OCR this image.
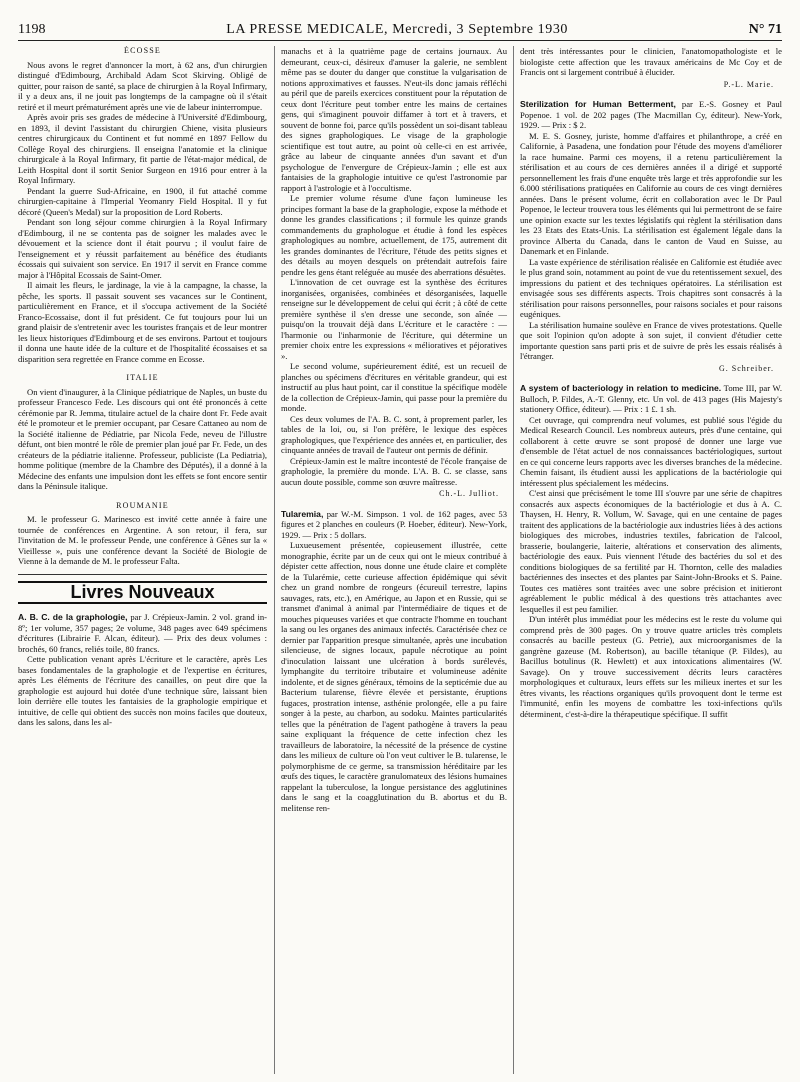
1198	LA PRESSE MEDICALE, Mercredi, 3 Septembre 1930	N° 71
ÉCOSSE

Nous avons le regret d'annoncer la mort, à 62 ans, d'un chirurgien distingué d'Edimbourg, Archibald Adam Scot Skirving. Obligé de quitter, pour raison de santé, sa place de chirurgien à la Royal Infirmary, il y a deux ans, il ne jouit pas longtemps de la campagne où il s'était retiré et il meurt prématurément après une vie de labeur ininterrompue.

Après avoir pris ses grades de médecine à l'Université d'Edimbourg, en 1893, il devint l'assistant du chirurgien Chiene, visita plusieurs centres chirurgicaux du Continent et fut nommé en 1897 Fellow du Collège Royal des chirurgiens. Il enseigna l'anatomie et la clinique chirurgicale à la Royal Infirmary, fit partie de l'état-major médical, de Leith Hospital dont il sortit Senior Surgeon en 1916 pour entrer à la Royal Infirmary.

Pendant la guerre Sud-Africaine, en 1900, il fut attaché comme chirurgien-capitaine à l'Imperial Yeomanry Field Hospital. Il y fut décoré (Queen's Medal) sur la proposition de Lord Roberts.

Pendant son long séjour comme chirurgien à la Royal Infirmary d'Edimbourg, il ne se contenta pas de soigner les malades avec le dévouement et la science dont il était pourvu ; il voulut faire de l'enseignement et y réussit parfaitement au bénéfice des étudiants écossais qui suivaient son service. En 1917 il servit en France comme major à l'Hôpital Ecossais de Saint-Omer.

Il aimait les fleurs, le jardinage, la vie à la campagne, la chasse, la pêche, les sports. Il passait souvent ses vacances sur le Continent, particulièrement en France, et il s'occupa activement de la Société Franco-Ecossaise, dont il fut président. Ce fut toujours pour lui un grand plaisir de s'entretenir avec les touristes français et de leur montrer les lieux historiques d'Edimbourg et de ses environs. Partout et toujours il donna une haute idée de la culture et de l'hospitalité écossaises et sa disparition sera regrettée en France comme en Ecosse.

ITALIE

On vient d'inaugurer, à la Clinique pédiatrique de Naples, un buste du professeur Francesco Fede. Les discours qui ont été prononcés à cette cérémonie par R. Jemma, titulaire actuel de la chaire dont Fr. Fede avait été le promoteur et le premier occupant, par Cesare Cattaneo au nom de la Société italienne de Pédiatrie, par Nicola Fede, neveu de l'illustre défunt, ont bien montré le rôle de premier plan joué par Fr. Fede, un des créateurs de la pédiatrie italienne. Professeur, publiciste (La Pediatria), homme politique (membre de la Chambre des Députés), il a donné à la Médecine des enfants une impulsion dont les effets se font encore sentir dans la Péninsule italique.

ROUMANIE

M. le professeur G. Marinesco est invité cette année à faire une tournée de conférences en Argentine. A son retour, il fera, sur l'invitation de M. le professeur Pende, une conférence à Gênes sur la « Vieillesse », puis une conférence devant la Société de Biologie de Vienne à la demande de M. le professeur Falta.

Livres Nouveaux

A. B. C. de la graphologie, par J. Crépieux-Jamin. 2 vol. grand in-8º; 1er volume, 357 pages; 2e volume, 348 pages avec 649 spécimens d'écritures (Librairie F. Alcan, éditeur). — Prix des deux volumes : brochés, 60 francs, reliés toile, 80 francs.

Cette publication venant après L'écriture et le caractère, après Les bases fondamentales de la graphologie et de l'expertise en écritures, après Les éléments de l'écriture des canailles, on peut dire que la graphologie est aujourd hui dotée d'une technique sûre, laissant bien loin derrière elle toutes les fantaisies de la graphologie empirique et intuitive, de celle qui obtient des succès non moins faciles que douteux, dans les salons, dans les al-

manachs et à la quatrième page de certains journaux. Au demeurant, ceux-ci, désireux d'amuser la galerie, ne semblent même pas se douter du danger que constitue la vulgarisation de notions approximatives et fausses. N'eut-ils donc jamais réfléchi au péril que de pareils exercices constituent pour la réputation de ceux dont l'écriture peut tomber entre les mains de certaines gens, qui s'imaginent pouvoir diffamer à tort et à travers, et souvent de bonne foi, parce qu'ils possèdent un soi-disant tableau des signes graphologiques. Le visage de la graphologie scientifique est tout autre, au point où celle-ci en est arrivée, grâce au labeur de cinquante années d'un savant et d'un psychologue de l'envergure de Crépieux-Jamin ; elle est aux fantaisies de la graphologie intuitive ce qu'est l'astronomie par rapport à l'astrologie et à l'occultisme.

Le premier volume résume d'une façon lumineuse les principes formant la base de la graphologie, expose la méthode et donne les grandes classifications ; il formule les quinze grands commandements du graphologue et étudie à fond les espèces graphologiques au nombre, actuellement, de 175, autrement dit les grandes dominantes de l'écriture, l'étude des petits signes et des détails au moyen desquels on prétendait autrefois faire pendre les gens étant reléguée au musée des aberrations désuètes.

L'innovation de cet ouvrage est la synthèse des écritures inorganisées, organisées, combinées et désorganisées, laquelle renseigne sur le développement de celui qui écrit ; à côté de cette première synthèse il s'en dresse une seconde, son aînée — puisqu'on la trouvait déjà dans L'écriture et le caractère : — l'harmonie ou l'inharmonie de l'écriture, qui détermine un premier choix entre les expressions « mélioratives et péjoratives ».

Le second volume, supérieurement édité, est un recueil de planches ou spécimens d'écritures en véritable grandeur, qui est instructif au plus haut point, car il constitue la spécifique modèle de la collection de Crépieux-Jamin, qui passe pour la première du monde.

Ces deux volumes de l'A. B. C. sont, à proprement parler, les tables de la loi, ou, si l'on préfère, le lexique des espèces graphologiques, que l'expérience des années et, en particulier, des cinquante années de travail de l'auteur ont permis de définir.

Crépieux-Jamin est le maître incontesté de l'école française de graphologie, la première du monde. L'A. B. C. se classe, sans aucun doute possible, comme son œuvre maîtresse.

Ch.-L. Julliot.

Tularemia, par W.-M. Simpson. 1 vol. de 162 pages, avec 53 figures et 2 planches en couleurs (P. Hoeber, éditeur). New-York, 1929. — Prix : 5 dollars.

Luxueusement présentée, copieusement illustrée, cette monographie, écrite par un de ceux qui ont le mieux contribué à dépister cette affection, nous donne une étude claire et complète de la Tularémie, cette curieuse affection épidémique qui sévit chez un grand nombre de rongeurs (écureuil terrestre, lapins sauvages, rats, etc.), en Amérique, au Japon et en Russie, qui se transmet d'animal à animal par l'intermédiaire de tiques et de mouches piqueuses variées et que contracte l'homme en touchant la sang ou les organes des animaux infectés. Caractérisée chez ce dernier par l'apparition presque simultanée, après une incubation silencieuse, de signes locaux, papule nécrotique au point d'inoculation laissant une ulcération à bords surélevés, lymphangite du territoire tributaire et volumineuse adénite indolente, et de signes généraux, témoins de la septicémie due au Bacterium tularense, fièvre élevée et persistante, éruptions fugaces, prostration intense, asthénie prolongée, elle a pu faire songer à la peste, au charbon, au sodoku. Maintes particularités telles que la pénétration de l'agent pathogène à travers la peau saine expliquant la fréquence de cette infection chez les travailleurs de laboratoire, la nécessité de la présence de cystine dans les milieux de culture où l'on veut cultiver le B. tularense, le polymorphisme de ce germe, sa transmission héréditaire par les œufs des tiques, le caractère granulomateux des lésions humaines rappelant la tuberculose, la longue persistance des agglutinines dans le sang et la coagglutination du B. abortus et du B. melitense ren-

dent très intéressantes pour le clinicien, l'anatomopathologiste et le biologiste cette affection que les travaux américains de Mc Coy et de Francis ont si largement contribué à élucider.

P.-L. Marie.

Sterilization for Human Betterment, par E.-S. Gosney et Paul Popenoe. 1 vol. de 202 pages (The Macmillan Cy, éditeur). New-York, 1929. — Prix : $ 2.

M. E. S. Gosney, juriste, homme d'affaires et philanthrope, a créé en Californie, à Pasadena, une fondation pour l'étude des moyens d'améliorer la race humaine. Parmi ces moyens, il a retenu particulièrement la stérilisation et au cours de ces dernières années il a dirigé et supporté personnellement les frais d'une enquête très large et très approfondie sur les 6.000 stérilisations pratiquées en Californie au cours de ces vingt dernières années. Dans le présent volume, écrit en collaboration avec le Dr Paul Popenoe, le lecteur trouvera tous les éléments qui lui permettront de se faire une opinion exacte sur les textes législatifs qui règlent la stérilisation dans les 23 Etats des Etats-Unis. La stérilisation est également légale dans la province Alberta du Canada, dans le canton de Vaud en Suisse, au Danemark et en Finlande.

La vaste expérience de stérilisation réalisée en Californie est étudiée avec le plus grand soin, notamment au point de vue du retentissement sexuel, des impressions du patient et des techniques opératoires. La stérilisation est envisagée sous ses différents aspects. Trois chapitres sont consacrés à la stérilisation pour raisons personnelles, pour raisons sociales et pour raisons eugéniques.

La stérilisation humaine soulève en France de vives protestations. Quelle que soit l'opinion qu'on adopte à son sujet, il convient d'étudier cette importante question sans parti pris et de suivre de près les essais réalisés à l'étranger.

G. Schreiber.

A system of bacteriology in relation to medicine. Tome III, par W. Bulloch, P. Fildes, A.-T. Glenny, etc. Un vol. de 413 pages (His Majesty's stationery Office, éditeur). — Prix : 1 £. 1 sh.

Cet ouvrage, qui comprendra neuf volumes, est publié sous l'égide du Medical Research Council. Les nombreux auteurs, près d'une centaine, qui collaborent à cette œuvre se sont proposé de donner une large vue d'ensemble de l'état actuel de nos connaissances bactériologiques, surtout en ce qui concerne leurs rapports avec les diverses branches de la médecine. Chemin faisant, ils étudient aussi les applications de la bactériologie qui intéressent plus spécialement les médecins.

C'est ainsi que précisément le tome III s'ouvre par une série de chapitres consacrés aux aspects économiques de la bactériologie et dus à A. C. Thaysen, H. Henry, R. Vollum, W. Savage, qui en une centaine de pages traitent des applications de la bactériologie aux industries liées à des actions biologiques des microbes, industries textiles, fabrication de l'alcool, brasserie, boulangerie, laiterie, altérations et conservation des aliments, bactériologie des eaux. Puis viennent l'étude des bactéries du sol et des conditions biologiques de sa fertilité par H. Thornton, celle des maladies bactériennes des insectes et des plantes par Saint-John-Brooks et S. Paine. Toutes ces matières sont traitées avec une sobre précision et initieront agréablement le public médical à des questions très attachantes avec lesquelles il est peu familier.

D'un intérêt plus immédiat pour les médecins est le reste du volume qui comprend près de 300 pages. On y trouve quatre articles très complets consacrés au bacille pesteux (G. Petrie), aux microorganismes de la gangrène gazeuse (M. Robertson), au bacille tétanique (P. Fildes), au Bacillus botulinus (R. Hewlett) et aux intoxications alimentaires (W. Savage). On y trouve successivement décrits leurs caractères morphologiques et culturaux, leurs effets sur les milieux inertes et sur les êtres vivants, les réactions organiques qu'ils provoquent dont le terme est l'immunité, enfin les moyens de combattre les toxi-infections qu'ils déterminent, c'est-à-dire la thérapeutique spécifique. Il suffit
